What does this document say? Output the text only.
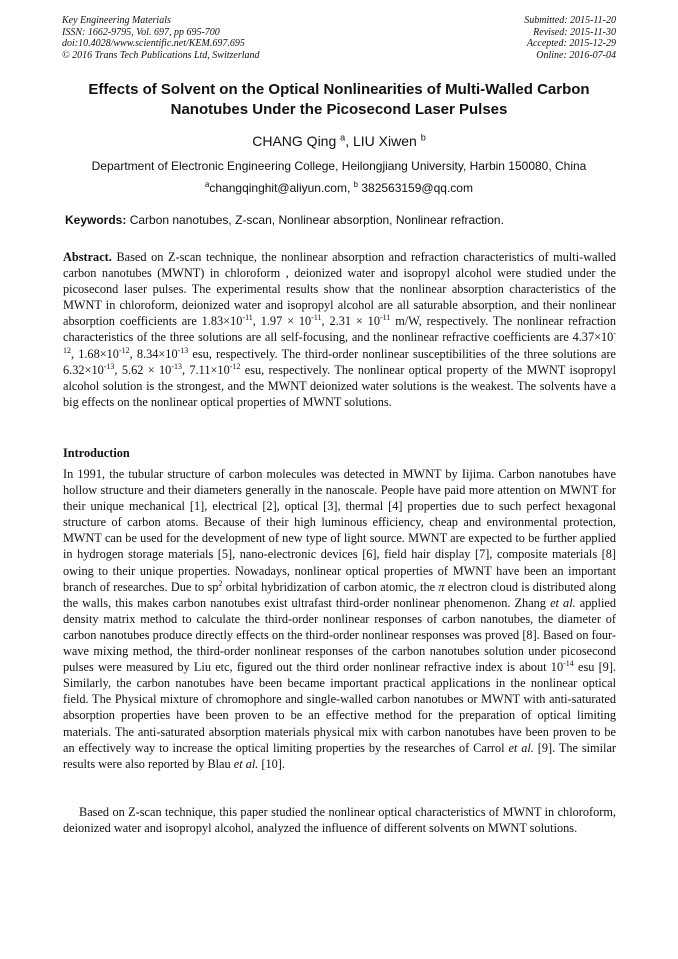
Key Engineering Materials
ISSN: 1662-9795, Vol. 697, pp 695-700
doi:10.4028/www.scientific.net/KEM.697.695
© 2016 Trans Tech Publications Ltd, Switzerland
Submitted: 2015-11-20
Revised: 2015-11-30
Accepted: 2015-12-29
Online: 2016-07-04
Effects of Solvent on the Optical Nonlinearities of Multi-Walled Carbon Nanotubes Under the Picosecond Laser Pulses
CHANG Qing $^a$, LIU Xiwen $^b$
Department of Electronic Engineering College, Heilongjiang University, Harbin 150080, China
$^a$changqinghit@aliyun.com, $^b$ 382563159@qq.com
Keywords: Carbon nanotubes, Z-scan, Nonlinear absorption, Nonlinear refraction.

Abstract. Based on Z-scan technique, the nonlinear absorption and refraction characteristics of multi-walled carbon nanotubes (MWNT) in chloroform , deionized water and isopropyl alcohol were studied under the picosecond laser pulses. The experimental results show that the nonlinear absorption characteristics of the MWNT in chloroform, deionized water and isopropyl alcohol are all saturable absorption, and their nonlinear absorption coefficients are $1.83\times 10^{-11}$, $1.97 \times 10^{-11}$, $2.31 \times 10^{-11}$ m/W, respectively. The nonlinear refraction characteristics of the three solutions are all self-focusing, and the nonlinear refractive coefficients are $4.37\times 10^{-12}$, $1.68\times 10^{-12}$, $8.34\times 10^{-13}$ esu, respectively. The third-order nonlinear susceptibilities of the three solutions are $6.32\times 10^{-13}$, $5.62 \times 10^{-13}$, $7.11\times 10^{-12}$ esu, respectively. The nonlinear optical property of the MWNT isopropyl alcohol solution is the strongest, and the MWNT deionized water solutions is the weakest. The solvents have a big effects on the nonlinear optical properties of MWNT solutions.

Introduction

In 1991, the tubular structure of carbon molecules was detected in MWNT by Iijima. Carbon nanotubes have hollow structure and their diameters generally in the nanoscale. People have paid more attention on MWNT for their unique mechanical [1], electrical [2], optical [3], thermal [4] properties due to such perfect hexagonal structure of carbon atoms. Because of their high luminous efficiency, cheap and environmental protection, MWNT can be used for the development of new type of light source. MWNT are expected to be further applied in hydrogen storage materials [5], nano-electronic devices [6], field hair display [7], composite materials [8] owing to their unique properties. Nowadays, nonlinear optical properties of MWNT have been an important branch of researches. Due to $sp^2$ orbital hybridization of carbon atomic, the π electron cloud is distributed along the walls, this makes carbon nanotubes exist ultrafast third-order nonlinear phenomenon. Zhang et al. applied density matrix method to calculate the third-order nonlinear responses of carbon nanotubes, the diameter of carbon nanotubes produce directly effects on the third-order nonlinear responses was proved [8]. Based on four-wave mixing method, the third-order nonlinear responses of the carbon nanotubes solution under picosecond pulses were measured by Liu etc, figured out the third order nonlinear refractive index is about $10^{-14}$ esu [9]. Similarly, the carbon nanotubes have been became important practical applications in the nonlinear optical field. The Physical mixture of chromophore and single-walled carbon nanotubes or MWNT with anti-saturated absorption properties have been proven to be an effective method for the preparation of optical limiting materials. The anti-saturated absorption materials physical mix with carbon nanotubes have been proven to be an effectively way to increase the optical limiting properties by the researches of Carrol et al. [9]. The similar results were also reported by Blau et al. [10].

Based on Z-scan technique, this paper studied the nonlinear optical characteristics of MWNT in chloroform, deionized water and isopropyl alcohol, analyzed the influence of different solvents on MWNT solutions.
